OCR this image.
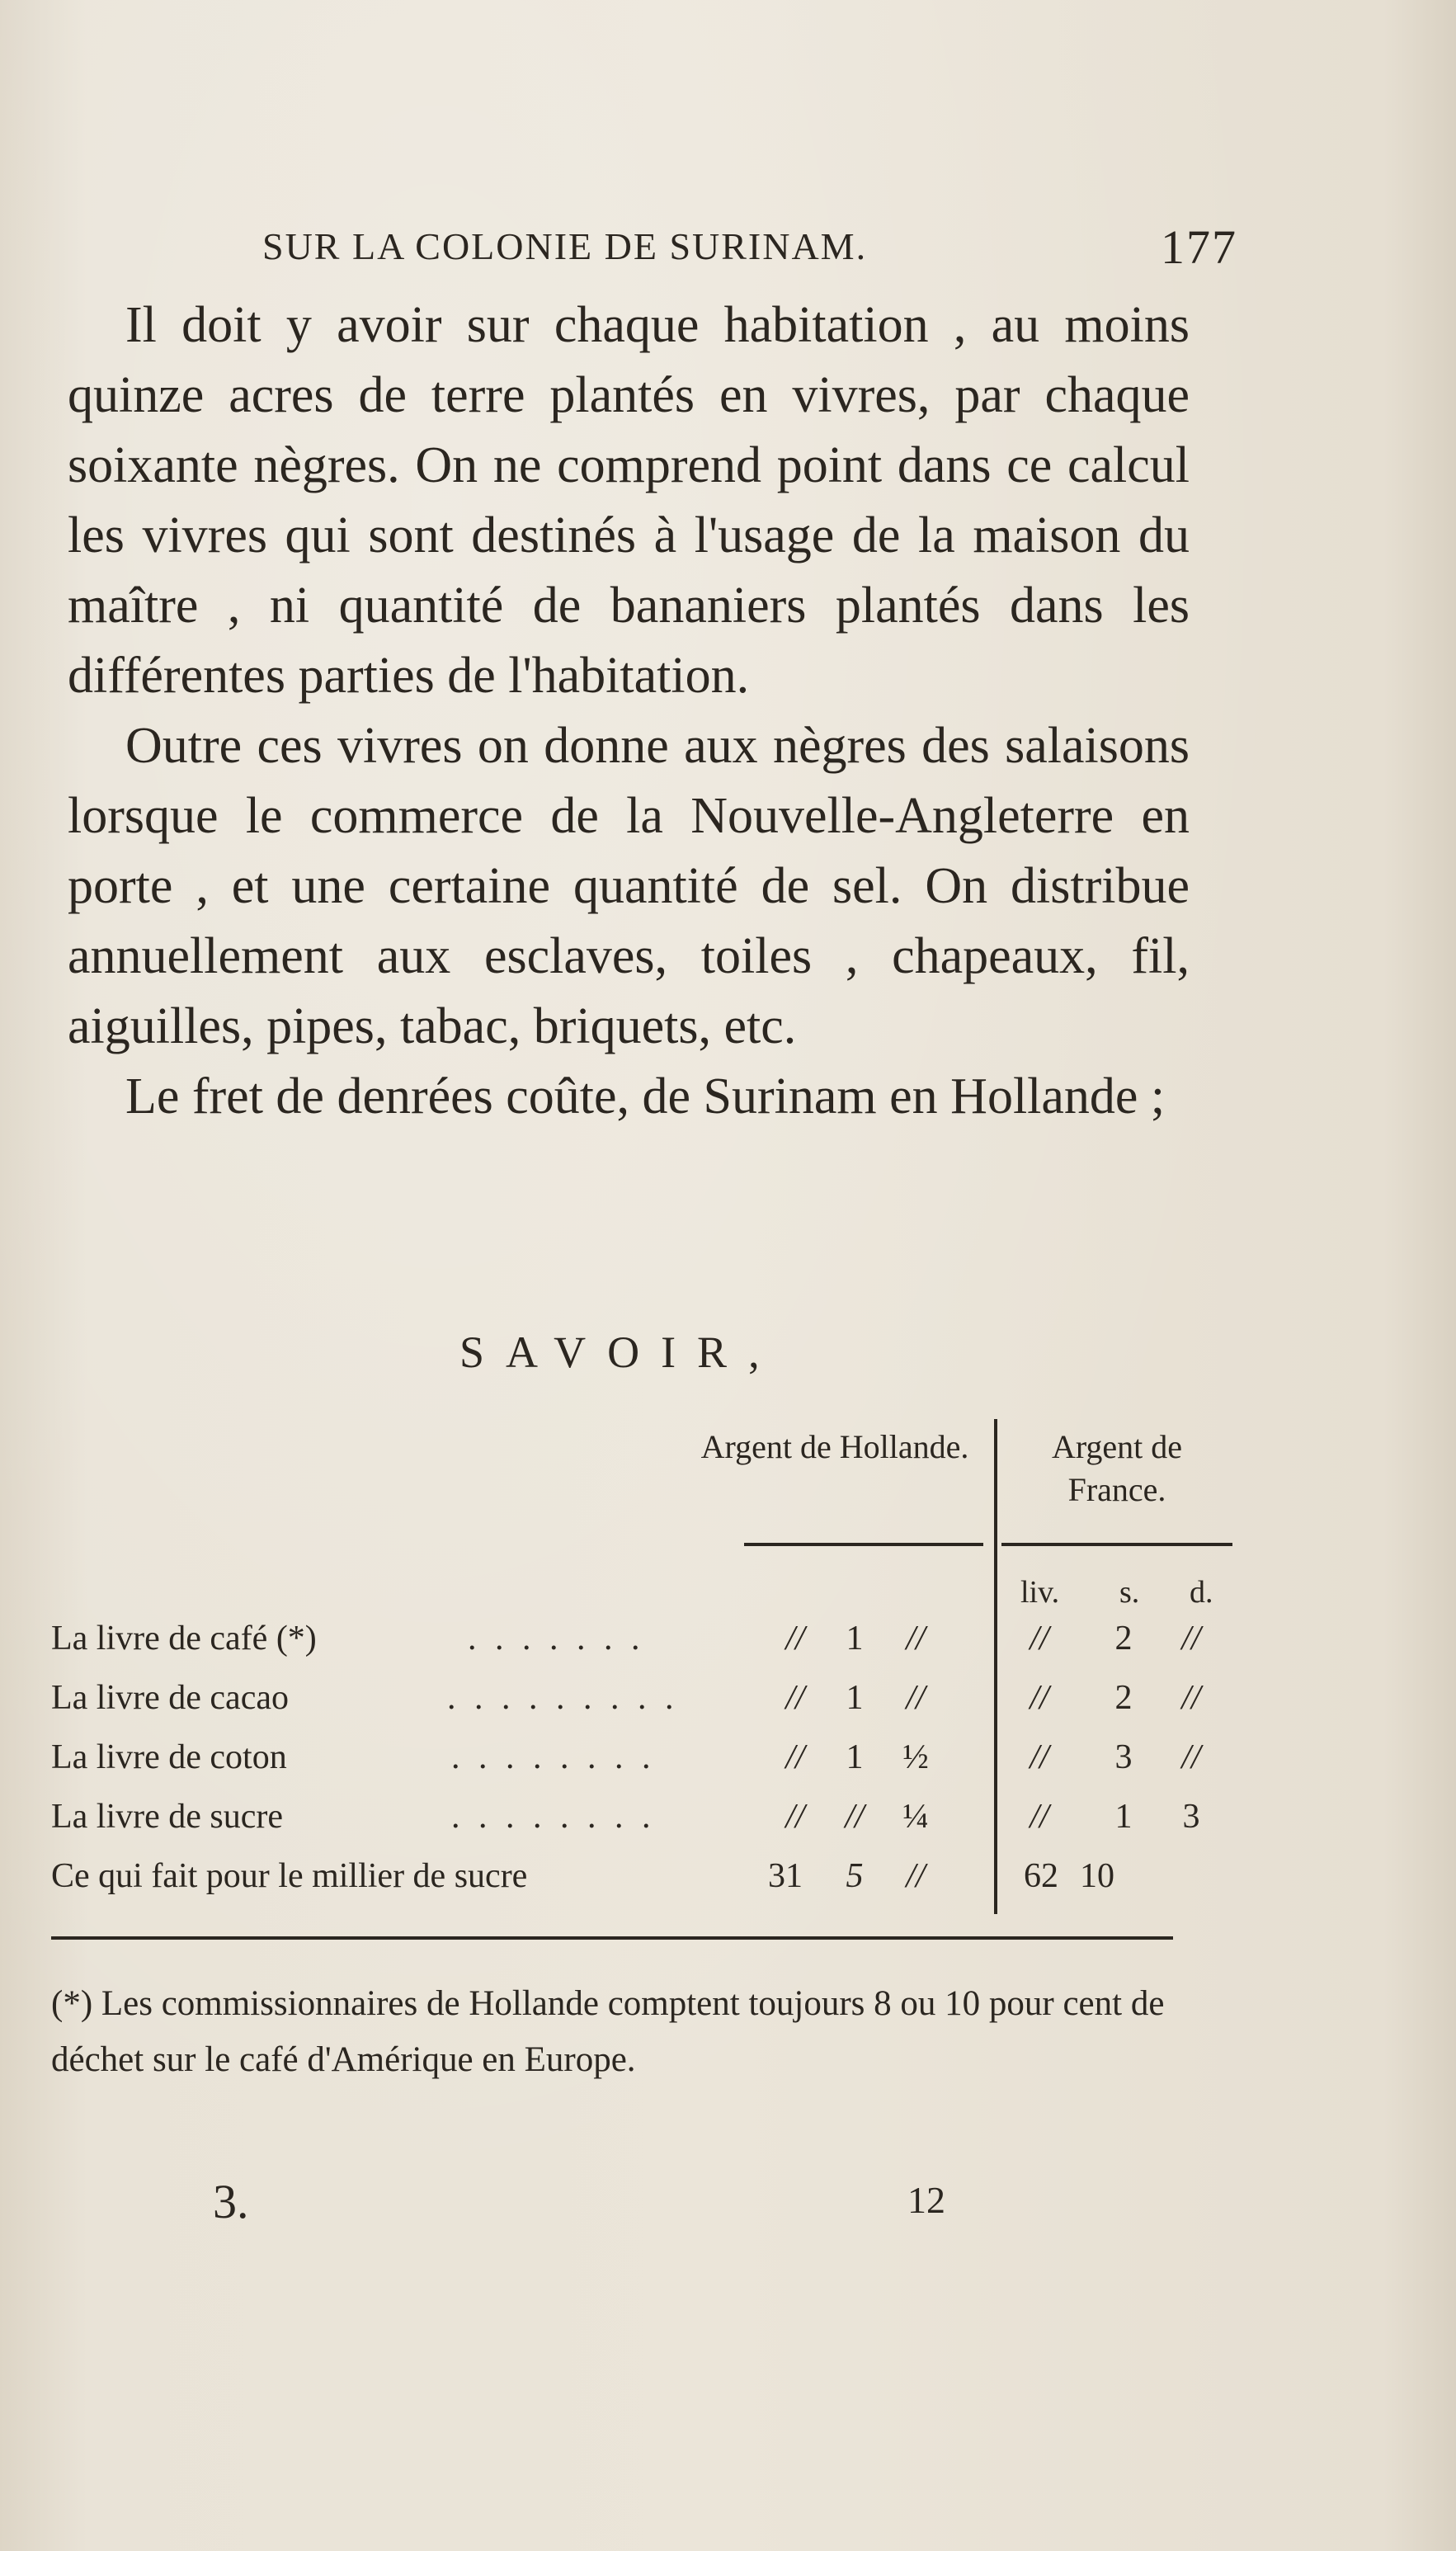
SUR LA COLONIE DE SURINAM.	177

Il doit y avoir sur chaque habitation , au moins quinze acres de terre plantés en vivres, par chaque soixante nègres. On ne comprend point dans ce calcul les vivres qui sont destinés à l'usage de la maison du maître , ni quantité de bananiers plantés dans les différentes parties de l'habitation.

Outre ces vivres on donne aux nègres des salaisons lorsque le commerce de la Nouvelle-Angleterre en porte , et une certaine quantité de sel. On distribue annuellement aux esclaves, toiles , chapeaux, fil, aiguilles, pipes, tabac, briquets, etc.

Le fret de denrées coûte, de Surinam en Hollande ;

SAVOIR,
Argent de Hollande.	Argent de France.
liv. s. d.
La livre de café (*)	. . . . . . .	//	1	//	//	2	//
La livre de cacao	. . . . . . . . .	//	1	//	//	2	//
La livre de coton	. . . . . . . .	//	1	½	//	3	//
La livre de sucre	. . . . . . . .	//	//	¼	//	1	3
Ce qui fait pour le millier de sucre	31	5	//	62 10
(*) Les commissionnaires de Hollande comptent toujours 8 ou 10 pour cent de déchet sur le café d'Amérique en Europe.
3.	12
